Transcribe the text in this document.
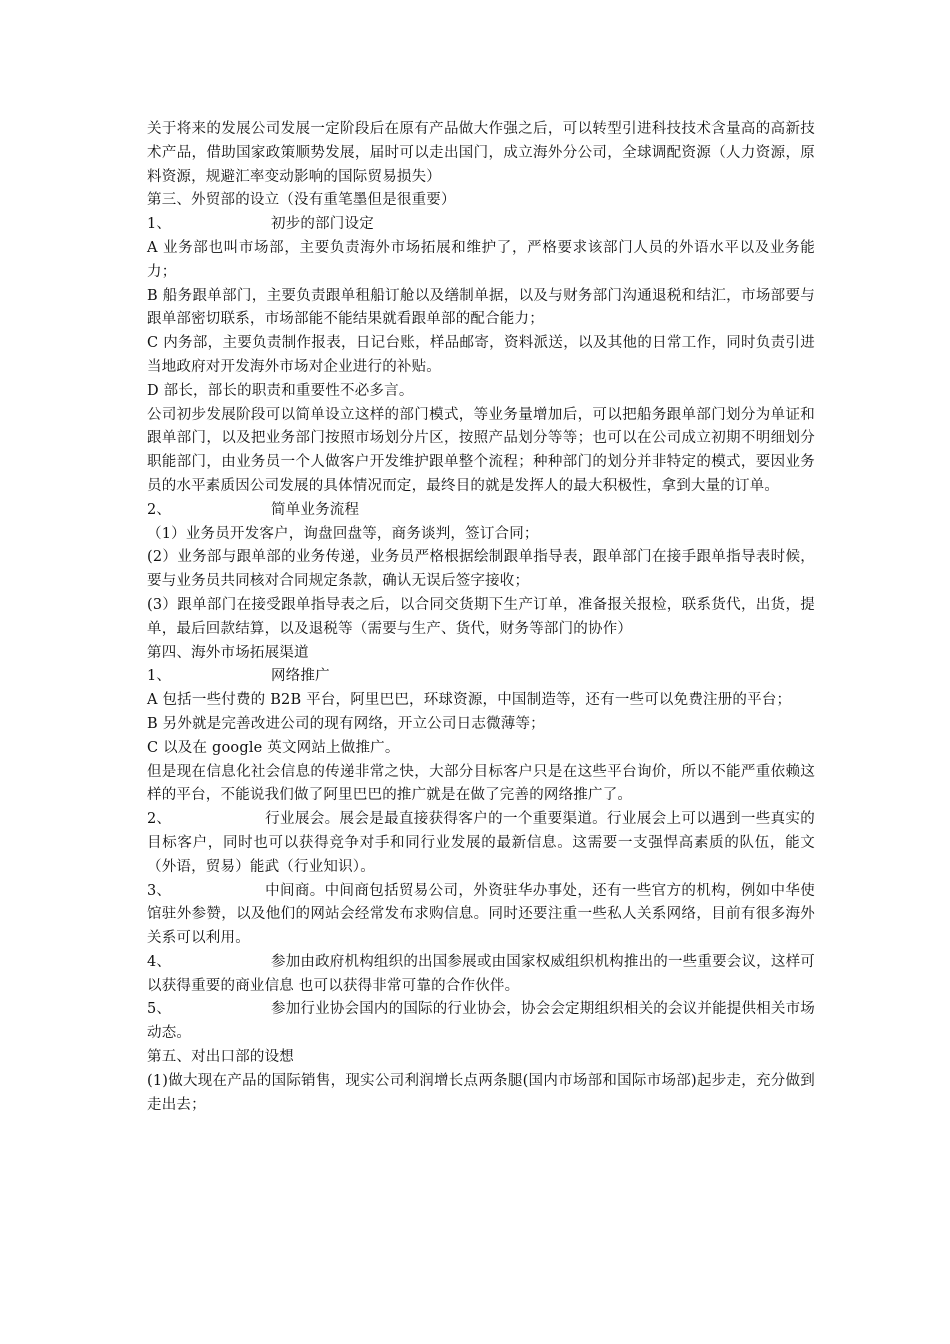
关于将来的发展公司发展一定阶段后在原有产品做大作强之后，可以转型引进科技技术含量高的高新技术产品，借助国家政策顺势发展，届时可以走出国门，成立海外分公司，全球调配资源（人力资源，原料资源，规避汇率变动影响的国际贸易损失）

第三、外贸部的设立（没有重笔墨但是很重要）

1、	初步的部门设定

A 业务部也叫市场部，主要负责海外市场拓展和维护了，严格要求该部门人员的外语水平以及业务能力；

B 船务跟单部门，主要负责跟单租船订舱以及缮制单据，以及与财务部门沟通退税和结汇，市场部要与跟单部密切联系，市场部能不能结果就看跟单部的配合能力；

C 内务部，主要负责制作报表，日记台账，样品邮寄，资料派送，以及其他的日常工作，同时负责引进当地政府对开发海外市场对企业进行的补贴。

D 部长，部长的职责和重要性不必多言。

公司初步发展阶段可以简单设立这样的部门模式，等业务量增加后，可以把船务跟单部门划分为单证和跟单部门，以及把业务部门按照市场划分片区，按照产品划分等等；也可以在公司成立初期不明细划分职能部门，由业务员一个人做客户开发维护跟单整个流程；种种部门的划分并非特定的模式，要因业务员的水平素质因公司发展的具体情况而定，最终目的就是发挥人的最大积极性，拿到大量的订单。

2、	简单业务流程

（1）业务员开发客户，询盘回盘等，商务谈判，签订合同；

(2）业务部与跟单部的业务传递，业务员严格根据绘制跟单指导表，跟单部门在接手跟单指导表时候，要与业务员共同核对合同规定条款，确认无误后签字接收；

(3）跟单部门在接受跟单指导表之后，以合同交货期下生产订单，准备报关报检，联系货代，出货，提单，最后回款结算，以及退税等（需要与生产、货代，财务等部门的协作）

第四、海外市场拓展渠道

1、	网络推广

A 包括一些付费的 B2B 平台，阿里巴巴，环球资源，中国制造等，还有一些可以免费注册的平台；

B 另外就是完善改进公司的现有网络，开立公司日志微薄等；

C 以及在 google 英文网站上做推广。

但是现在信息化社会信息的传递非常之快，大部分目标客户只是在这些平台询价，所以不能严重依赖这样的平台，不能说我们做了阿里巴巴的推广就是在做了完善的网络推广了。

2、	行业展会。展会是最直接获得客户的一个重要渠道。行业展会上可以遇到一些真实的目标客户，同时也可以获得竞争对手和同行业发展的最新信息。这需要一支强悍高素质的队伍，能文（外语，贸易）能武（行业知识）。

3、	中间商。中间商包括贸易公司，外资驻华办事处，还有一些官方的机构，例如中华使馆驻外参赞，以及他们的网站会经常发布求购信息。同时还要注重一些私人关系网络，目前有很多海外关系可以利用。

4、	参加由政府机构组织的出国参展或由国家权威组织机构推出的一些重要会议，这样可以获得重要的商业信息 也可以获得非常可靠的合作伙伴。

5、	参加行业协会国内的国际的行业协会，协会会定期组织相关的会议并能提供相关市场动态。

第五、对出口部的设想

(1)做大现在产品的国际销售，现实公司利润增长点两条腿(国内市场部和国际市场部)起步走，充分做到走出去；
